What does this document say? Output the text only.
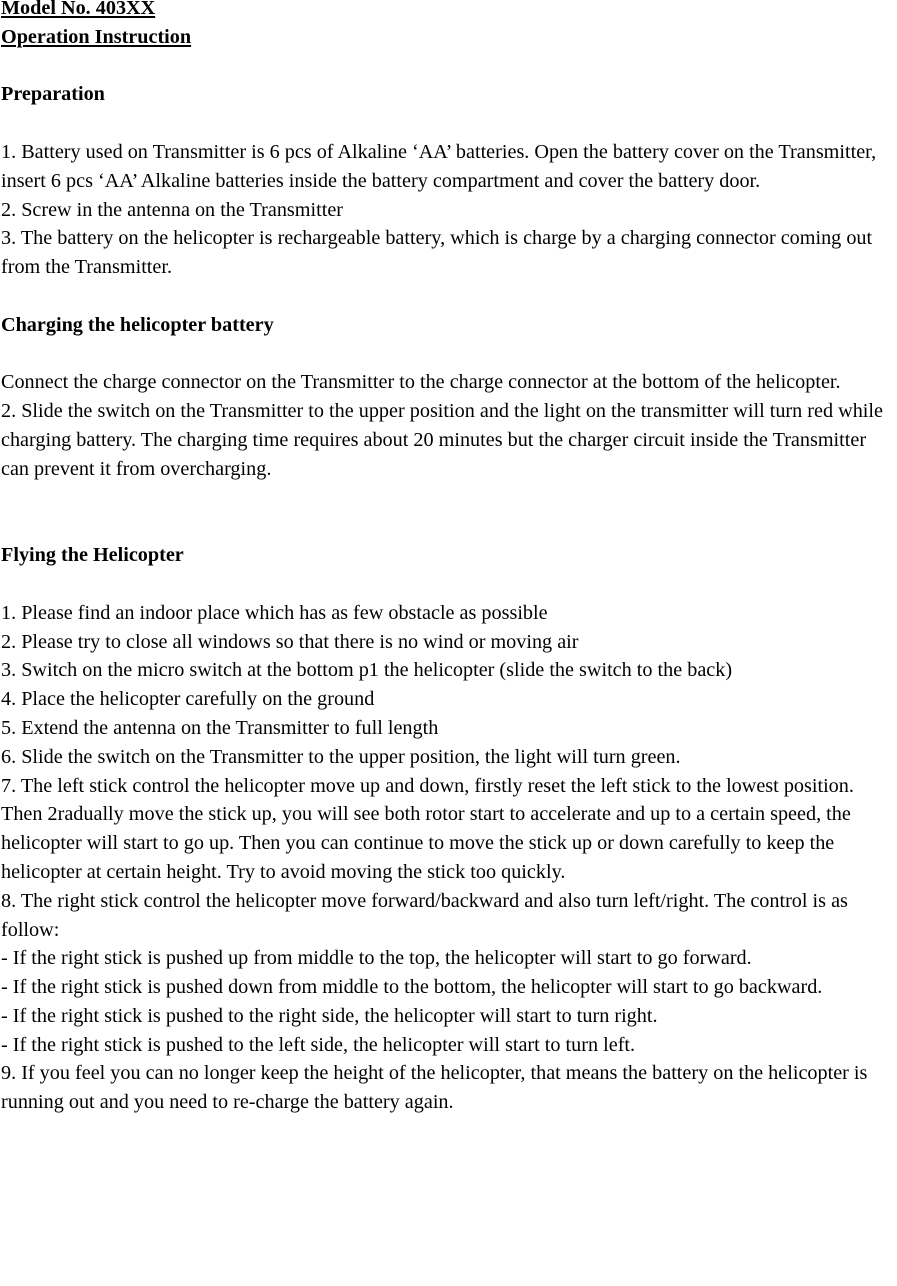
Model No. 403XX
Operation Instruction
Preparation
1. Battery used on Transmitter is 6 pcs of Alkaline ‘AA’ batteries. Open the battery cover on the Transmitter, insert 6 pcs ‘AA’ Alkaline batteries inside the battery compartment and cover the battery door.
2. Screw in the antenna on the Transmitter
3. The battery on the helicopter is rechargeable battery, which is charge by a charging connector coming out from the Transmitter.
Charging the helicopter battery
Connect the charge connector on the Transmitter to the charge connector at the bottom of the helicopter.
2. Slide the switch on the Transmitter to the upper position and the light on the transmitter will turn red while charging battery. The charging time requires about 20 minutes but the charger circuit inside the Transmitter can prevent it from overcharging.
Flying the Helicopter
1. Please find an indoor place which has as few obstacle as possible
2. Please try to close all windows so that there is no wind or moving air
3. Switch on the micro switch at the bottom p1 the helicopter (slide the switch to the back)
4. Place the helicopter carefully on the ground
5. Extend the antenna on the Transmitter to full length
6. Slide the switch on the Transmitter to the upper position, the light will turn green.
7. The left stick control the helicopter move up and down, firstly reset the left stick to the lowest position. Then 2radually move the stick up, you will see both rotor start to accelerate and up to a certain speed, the helicopter will start to go up. Then you can continue to move the stick up or down carefully to keep the helicopter at certain height. Try to avoid moving the stick too quickly.
8. The right stick control the helicopter move forward/backward and also turn left/right. The control is as follow:
- If the right stick is pushed up from middle to the top, the helicopter will start to go forward.
- If the right stick is pushed down from middle to the bottom, the helicopter will start to go backward.
- If the right stick is pushed to the right side, the helicopter will start to turn right.
- If the right stick is pushed to the left side, the helicopter will start to turn left.
9. If you feel you can no longer keep the height of the helicopter, that means the battery on the helicopter is running out and you need to re-charge the battery again.
